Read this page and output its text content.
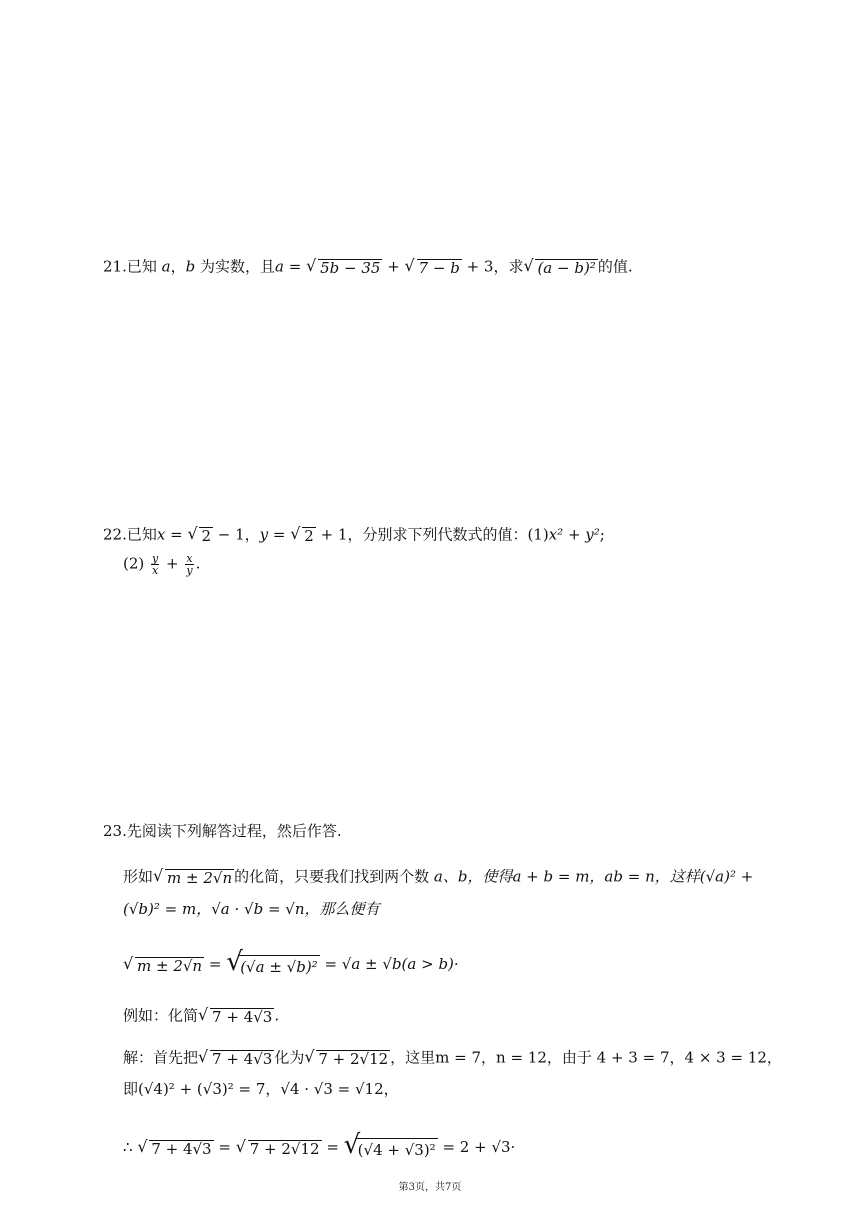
21.已知 a，b 为实数，且a = √ 5b − 35 + √ 7 − b + 3，求 √ (a − b)² 的值.
22.已知x = √ 2 − 1，y = √ 2 + 1，分别求下列代数式的值：(1)x² + y²;
$(2) \frac{y}{x} + \frac{x}{y}$ .
23.先阅读下列解答过程，然后作答.
形如 √ m ± 2√n 的化简，只要我们找到两个数 a、b，使得a + b = m，ab = n，这样(√a)² +
(√b)² = m，√a · √b = √n，那么便有
√ m ± 2√n = √ (√a ± √b)² = √a ± √b(a > b)·
例如：化简 √ 7 + 4√3 .
解：首先把 √ 7 + 4√3 化为 √ 7 + 2√12 ，这里m = 7，n = 12，由于 4 + 3 = 7，4 × 3 = 12，
即(√4)² + (√3)² = 7，√4 · √3 = √12，
∴ √ 7 + 4√3 = √ 7 + 2√12 = √ (√4 + √3)² = 2 + √3·
第3页，共7页
